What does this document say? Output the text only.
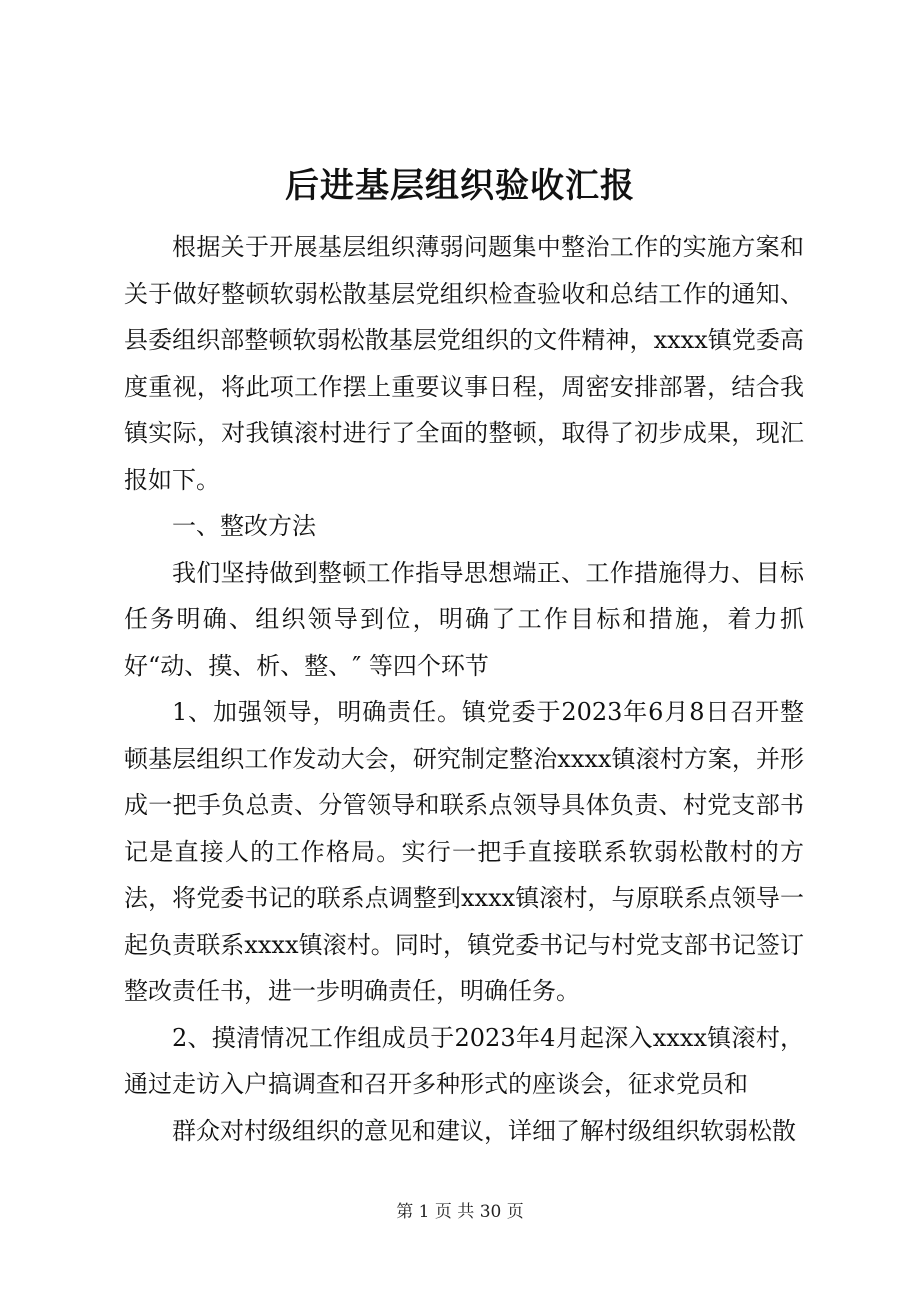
后进基层组织验收汇报

根据关于开展基层组织薄弱问题集中整治工作的实施方案和关于做好整顿软弱松散基层党组织检查验收和总结工作的通知、县委组织部整顿软弱松散基层党组织的文件精神，xxxx镇党委高度重视，将此项工作摆上重要议事日程，周密安排部署，结合我镇实际，对我镇滚村进行了全面的整顿，取得了初步成果，现汇报如下。

一、整改方法

我们坚持做到整顿工作指导思想端正、工作措施得力、目标任务明确、组织领导到位，明确了工作目标和措施，着力抓好“动、摸、析、整、″ 等四个环节

1、加强领导，明确责任。镇党委于2023年6月8日召开整顿基层组织工作发动大会，研究制定整治xxxx镇滚村方案，并形成一把手负总责、分管领导和联系点领导具体负责、村党支部书记是直接人的工作格局。实行一把手直接联系软弱松散村的方法，将党委书记的联系点调整到xxxx镇滚村，与原联系点领导一起负责联系xxxx镇滚村。同时，镇党委书记与村党支部书记签订整改责任书，进一步明确责任，明确任务。

2、摸清情况工作组成员于2023年4月起深入xxxx镇滚村，通过走访入户搞调查和召开多种形式的座谈会，征求党员和

群众对村级组织的意见和建议，详细了解村级组织软弱松散

第 1 页 共 30 页
